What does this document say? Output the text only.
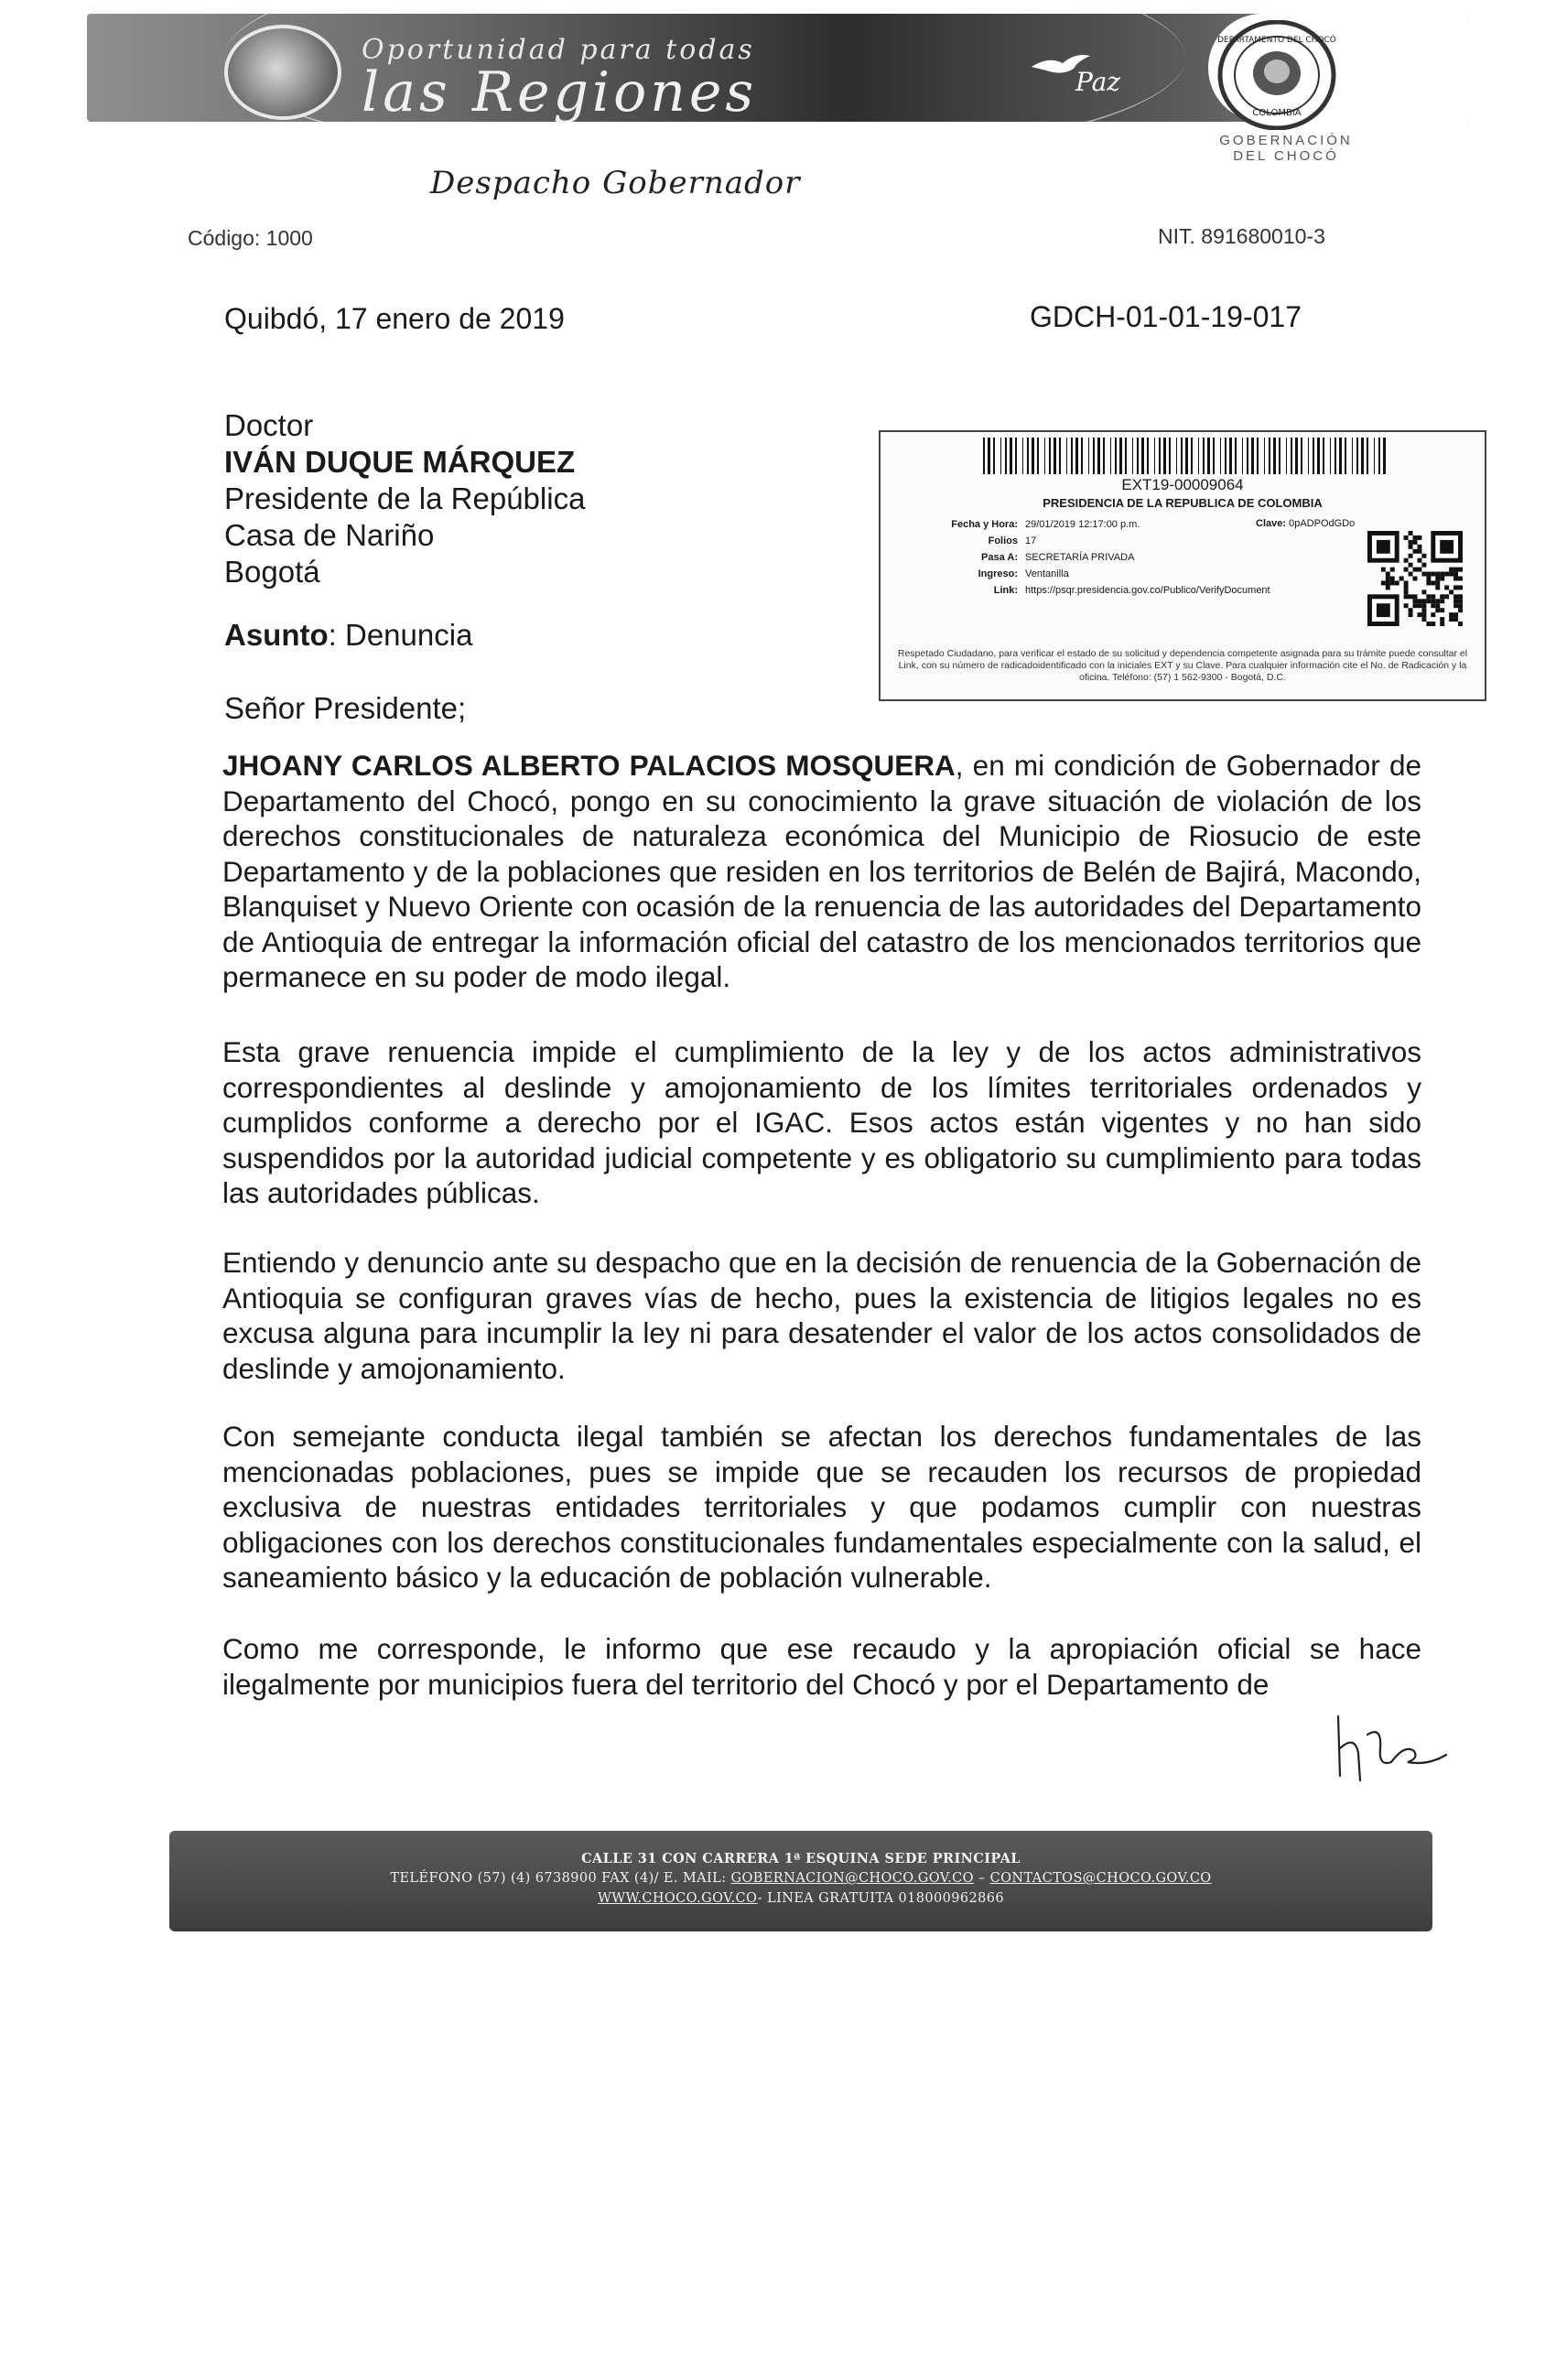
Oportunidad para todas
las Regiones	Paz
DEPARTAMENTO DEL CHOCÓ
COLOMBIA
GOBERNACIÓN
DEL CHOCÓ
Despacho Gobernador
Código: 1000	NIT. 891680010-3
Quibdó, 17 enero de 2019	GDCH-01-01-19-017
Doctor
IVÁN DUQUE MÁRQUEZ
Presidente de la República
Casa de Nariño
Bogotá
Asunto: Denuncia
Señor Presidente;
EXT19-00009064
PRESIDENCIA DE LA REPUBLICA DE COLOMBIA
Fecha y Hora: 29/01/2019 12:17:00 p.m.	Clave: 0pADPOdGDo
Folios 17
Pasa A: SECRETARÍA PRIVADA
Ingreso: Ventanilla
Link: https://psqr.presidencia.gov.co/Publico/VerifyDocument
Respetado Ciudadano, para verificar el estado de su solicitud y dependencia competente asignada para su trámite puede consultar el Link, con su número de radicadoidentificado con la iniciales EXT y su Clave. Para cualquier información cite el No. de Radicación y la oficina. Teléfono: (57) 1 562-9300 - Bogotá, D.C.
JHOANY CARLOS ALBERTO PALACIOS MOSQUERA, en mi condición de Gobernador de Departamento del Chocó, pongo en su conocimiento la grave situación de violación de los derechos constitucionales de naturaleza económica del Municipio de Riosucio de este Departamento y de la poblaciones que residen en los territorios de Belén de Bajirá, Macondo, Blanquiset y Nuevo Oriente con ocasión de la renuencia de las autoridades del Departamento de Antioquia de entregar la información oficial del catastro de los mencionados territorios que permanece en su poder de modo ilegal.
Esta grave renuencia impide el cumplimiento de la ley y de los actos administrativos correspondientes al deslinde y amojonamiento de los límites territoriales ordenados y cumplidos conforme a derecho por el IGAC. Esos actos están vigentes y no han sido suspendidos por la autoridad judicial competente y es obligatorio su cumplimiento para todas las autoridades públicas.
Entiendo y denuncio ante su despacho que en la decisión de renuencia de la Gobernación de Antioquia se configuran graves vías de hecho, pues la existencia de litigios legales no es excusa alguna para incumplir la ley ni para desatender el valor de los actos consolidados de deslinde y amojonamiento.
Con semejante conducta ilegal también se afectan los derechos fundamentales de las mencionadas poblaciones, pues se impide que se recauden los recursos de propiedad exclusiva de nuestras entidades territoriales y que podamos cumplir con nuestras obligaciones con los derechos constitucionales fundamentales especialmente con la salud, el saneamiento básico y la educación de población vulnerable.
Como me corresponde, le informo que ese recaudo y la apropiación oficial se hace ilegalmente por municipios fuera del territorio del Chocó y por el Departamento de
CALLE 31 CON CARRERA 1ª ESQUINA SEDE PRINCIPAL
TELÉFONO (57) (4) 6738900 FAX (4)/ E. MAIL: GOBERNACION@CHOCO.GOV.CO – CONTACTOS@CHOCO.GOV.CO
WWW.CHOCO.GOV.CO- LINEA GRATUITA 018000962866
